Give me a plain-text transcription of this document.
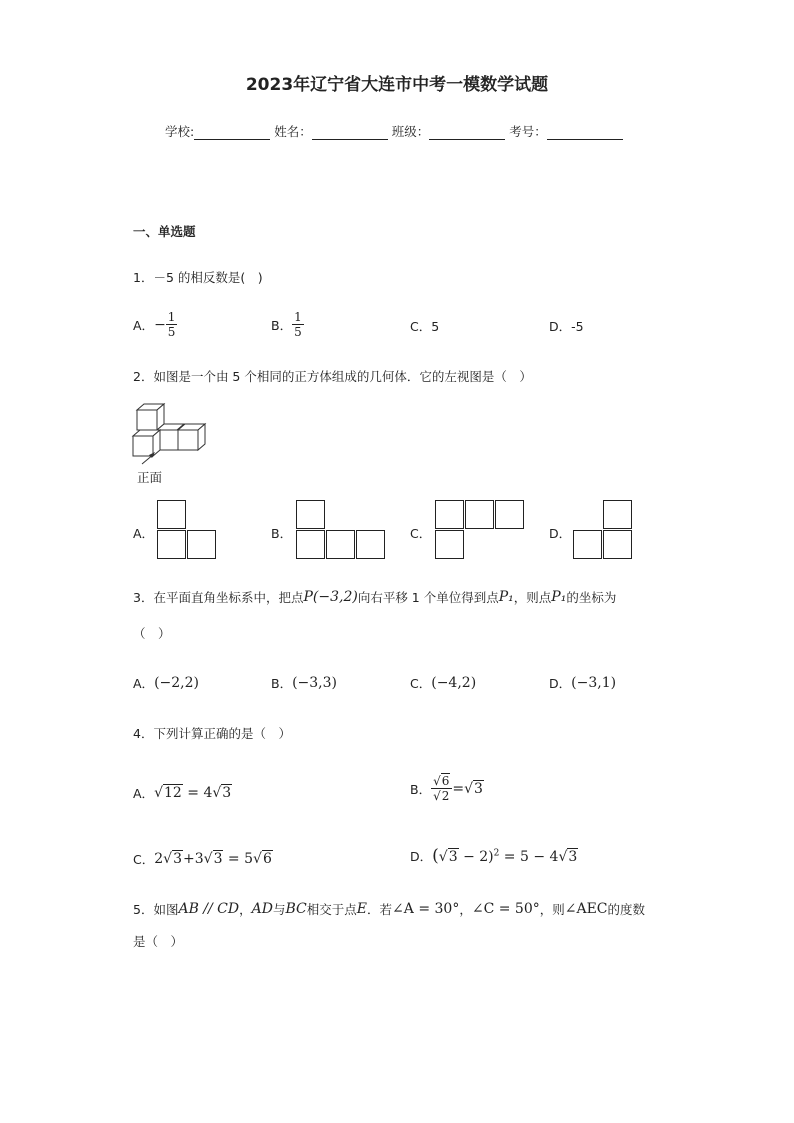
2023年辽宁省大连市中考一模数学试题
学校:	姓名：	班级：	考号：
一、单选题
1．－5 的相反数是(　)
A． − $\frac{1}{5}$	B． $\frac{1}{5}$	C．5	D．-5
2．如图是一个由 5 个相同的正方体组成的几何体．它的左视图是（　）
正面
A．	B．	C．	D．
3．在平面直角坐标系中，把点 P(−3,2) 向右平移 1 个单位得到点 P₁ ，则点 P₁ 的坐标为
（　）
A． (−2,2)	B． (−3,3)	C． (−4,2)	D． (−3,1)
4．下列计算正确的是（　）
A． √12 = 4√3	B． $\frac{√6}{√2} = √3$
C． 2√3+3√3 = 5√6	D． $(√3 - 2)^2 = 5 - 4√3$
5．如图 AB // CD ， AD 与 BC 相交于点 E ．若 ∠A = 30° ， ∠C = 50° ，则 ∠AEC 的度数
是（　）
